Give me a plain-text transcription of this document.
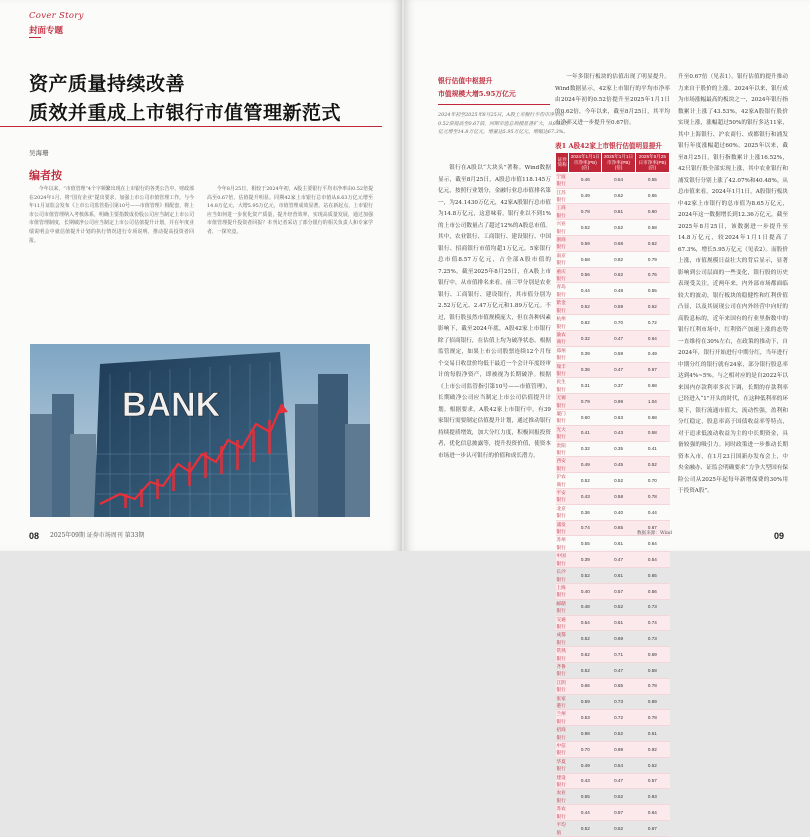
Cover Story
封面专题
资产质量持续改善
质效并重成上市银行市值管理新范式
吴海珊
编者按

今年以来，“市值管理”4个字频繁出现在上市银行的各类公告中。财政部在2024年1月，将“国有企业”提出要求，加强上市公司市值管理工作。与今年11月证监会发布《上市公司监管指引第10号——市值管理》相配套，将上市公司市值管理纳入考核体系，明确主要指数成份股公司应当制定上市公司市值管理制度，长期破净公司应当制定上市公司估值提升计划，并在年度业绩说明会中就估值提升计划的执行情况进行专项说明，推动提高投资者回报。

今年8月25日，相较于2024年初，A股主要银行平均市净率由0.52倍提高至0.67倍，估值提升明显。同期42家上市银行总市值从8.63万亿元增至14.8万亿元，大增5.95万亿元，市值管理成效显著。站在新起点，上市银行应当如何进一步优化资产质量，提升经营效率，实现高质量发展，通过加强市值管理提升投资者回报？本刊记者采访了部分银行的相关负责人和专家学者，一探究竟。

BANK
08 2025年09期 证券市场周刊 第33期
银行估值中枢提升
市值规模大增5.95万亿元
2024年初至2025年8月25日，A股上市银行平均市净率由0.52倍提高至0.67倍，同期市值总规模显著扩大，从8.63万亿元增至14.8万亿元，增量达5.95万亿元，增幅达67.3%。

银行在A股以“大块头”著称。Wind数据显示，截至8月25日，A股总市值118.145万亿元，按照行业划分，金融行业总市值排名第一，为24.1430万亿元，42家A股银行总市值为14.8万亿元，这意味着，银行业以不到1%的上市公司数量占了超过12%的A股总市值。其中，农业银行、工商银行、建设银行、中国银行、招商银行市值均超1万亿元，5家银行总市值8.57万亿元，占全部A股市值的7.25%。截至2025年8月25日，在A股上市银行中，从市值排名来看，前三甲分别是农业银行、工商银行、建设银行，其市值分别为2.52万亿元、2.47万亿元和1.89万亿元。不过，银行股虽然市值规模庞大，但在各种因素影响下，截至2024年底，A股42家上市银行除了招商银行，在估值上均为破净状态。根据监管规定，如果上市公司股票连续12个月每个交易日收盘价均低于最近一个会计年度经审计的每股净资产，即被视为长期破净。根据《上市公司监管指引第10号——市值管理》，长期破净公司应当制定上市公司估值提升计划。根据要求，A股42家上市银行中，有39家银行需要制定估值提升计划，通过推动银行持续提质增效，加大分红力度，积极回报投资者，优化信息披露等，提升投资价值，使资本市场进一步认可银行的价值和成长潜力。

一年多银行板块的估值出现了明显提升。Wind数据显示，42家上市银行的平均市净率由2024年初的0.52倍提升至2025年1月1日的0.62倍，今年以来，截至8月25日，其平均市净率又进一步提升至0.67倍。

表1 A股42家上市银行估值明显提升
证券简称	2024年1月1日市净率(PB)(倍)	2025年1月1日市净率(PB)(倍)	2025年8月25日市净率(PB)(倍)
宁波银行	0.46	0.54	0.55
江苏银行	0.49	0.62	0.65
工商银行	0.78	0.81	0.90
兴业银行	0.52	0.52	0.58
浙商银行	0.59	0.68	0.62
南京银行	0.58	0.82	0.79
重庆银行	0.56	0.62	0.76
青岛银行	0.44	0.48	0.55
紫金银行	0.52	0.59	0.52
杭州银行	0.82	0.70	0.72
渝农商行	0.32	0.47	0.64
郑州银行	0.39	0.59	0.49
瑞丰银行	0.36	0.47	0.67
民生银行	0.31	0.37	0.68
无锡银行	0.79	0.99	1.04
厦门银行	0.60	0.63	0.68
光大银行	0.41	0.43	0.58
贵阳银行	0.32	0.35	0.41
西安银行	0.49	0.45	0.52
沪农商行	0.52	0.52	0.70
平安银行	0.43	0.58	0.78
北京银行	0.36	0.40	0.44
浦发银行	0.74	0.65	0.67
苏州银行	0.55	0.61	0.64
中国银行	0.39	0.47	0.54
长沙银行	0.52	0.61	0.65
上海银行	0.40	0.57	0.56
邮储银行	0.48	0.52	0.73
交通银行	0.54	0.61	0.74
成都银行	0.52	0.69	0.73
常熟银行	0.62	0.71	0.69
齐鲁银行	0.52	0.47	0.58
江阴银行	0.66	0.65	0.78
张家港行	0.59	0.73	0.89
兰州银行	0.53	0.72	0.78
招商银行	0.98	0.52	0.61
中信银行	0.70	0.99	0.92
华夏银行	0.49	0.54	0.52
建设银行	0.43	0.47	0.57
农业银行	0.55	0.62	0.83
苏农银行	0.44	0.57	0.64
平均值	0.52	0.62	0.67
数据来源：Wind

升至0.67倍（见表1）。银行估值的提升推动力来自于股价的上涨。2024年以来，银行成为市场涨幅最高的板块之一，2024年银行指数累计上涨了43.53%，42家A股银行股价实现上涨，涨幅超过50%的银行多达11家，其中上海银行、沪农商行、成都银行和浦发银行年度涨幅超过60%。2025年以来，截至8月25日，银行指数累计上涨16.52%，42只银行股全部实现上涨，其中农业银行和浦发银行分别上涨了42.07%和40.48%。从总市值来看，2024年1月1日，A股银行板块中42家上市银行的总市值为8.65万亿元，2024年这一数据增长到12.36万亿元，截至2025年8月25日，该数据进一步提升至14.8万亿元，较2024年1月1日提高了67.3%，增长5.95万亿元（见表2）。而股价上涨，市值规模日益壮大的背后显示，显著影响到公司层面的一些变化，银行股的历史表现受关注，近两年来，内外部市场都面临较大的波动，银行板块的稳健性和红利价值凸显，以及其展现公司在内外经营中向好的高股息标的，近年来国有的行业里指数中的银行红利市场中，红利资产加速上涨的态势一直维持在30%左右，在政策的推动下，自2024年，银行开始进行中期分红，当年进行中期分红的银行就有24家，部分银行股息率达到4%~5%。与之相对应的是自2022年以来国内存款利率多次下调，长期的存款利率已经进入“1”开头的时代，在这种低利率的环境下，银行流通市值大，流动性强，盈利和分红稳定，股息率高于国债收益率等特点，对于追求低波动收益为主的中长期资金，具备较强的吸引力。同时政策进一步推动长期资本入市，在1月23日国新办发布会上，中央金融办、证监会明确要求“力争大型国有保险公司从2025年起每年新增保费的30%用于投资A股”。

09
